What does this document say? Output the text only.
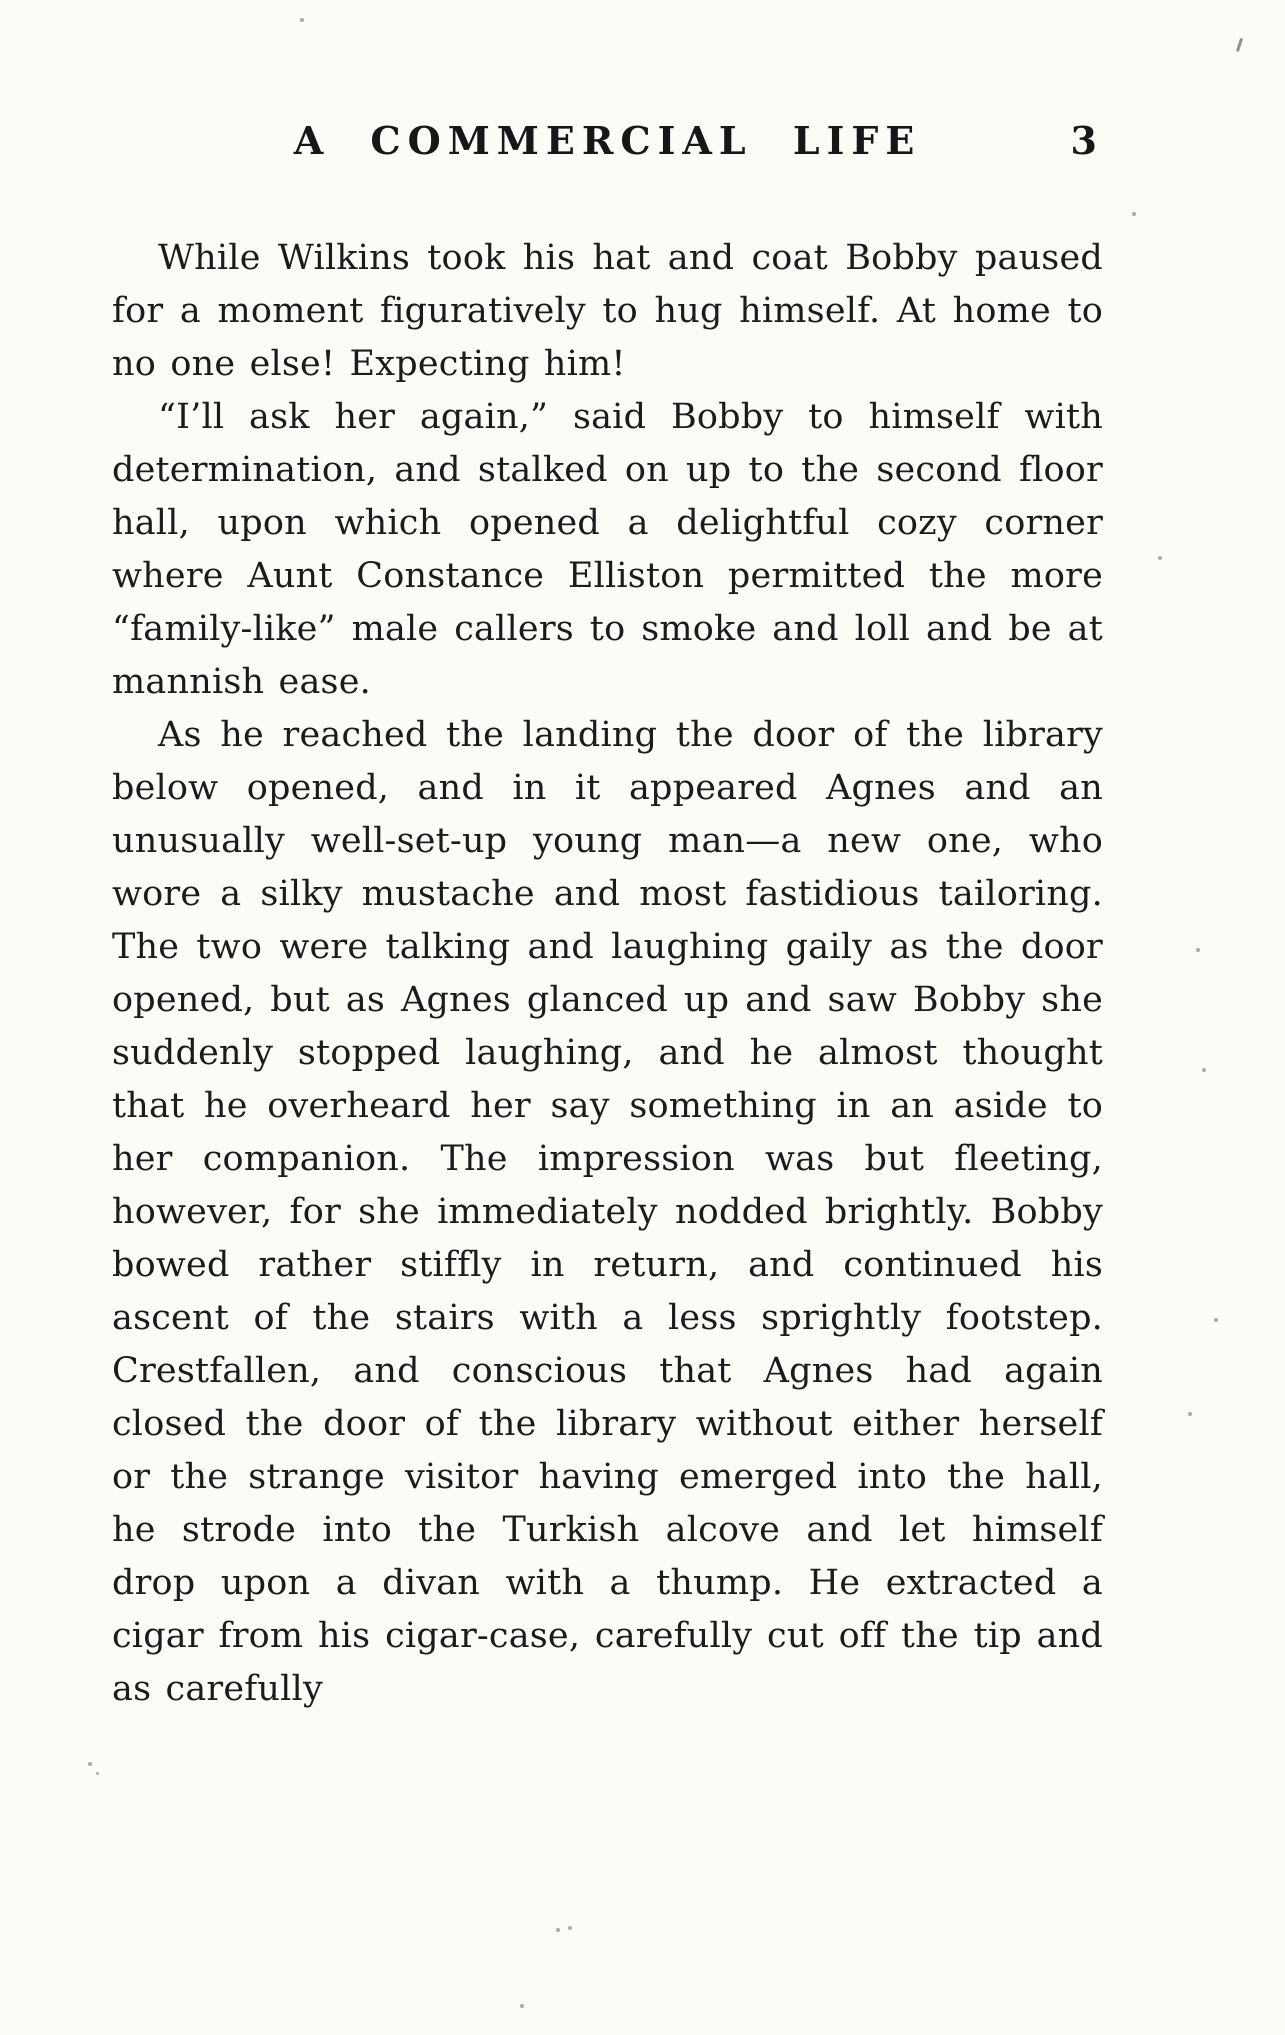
A COMMERCIAL LIFE	3

While Wilkins took his hat and coat Bobby paused for a moment figuratively to hug himself. At home to no one else! Expecting him!

“I’ll ask her again,” said Bobby to himself with determination, and stalked on up to the second floor hall, upon which opened a delightful cozy corner where Aunt Constance Elliston permitted the more “family-like” male callers to smoke and loll and be at mannish ease.

As he reached the landing the door of the library below opened, and in it appeared Agnes and an unusually well-set-up young man—a new one, who wore a silky mustache and most fastidious tailoring. The two were talking and laughing gaily as the door opened, but as Agnes glanced up and saw Bobby she suddenly stopped laughing, and he almost thought that he overheard her say something in an aside to her companion. The impression was but fleeting, however, for she immediately nodded brightly. Bobby bowed rather stiffly in return, and continued his ascent of the stairs with a less sprightly footstep. Crestfallen, and conscious that Agnes had again closed the door of the library without either herself or the strange visitor having emerged into the hall, he strode into the Turkish alcove and let himself drop upon a divan with a thump. He extracted a cigar from his cigar-case, carefully cut off the tip and as carefully
